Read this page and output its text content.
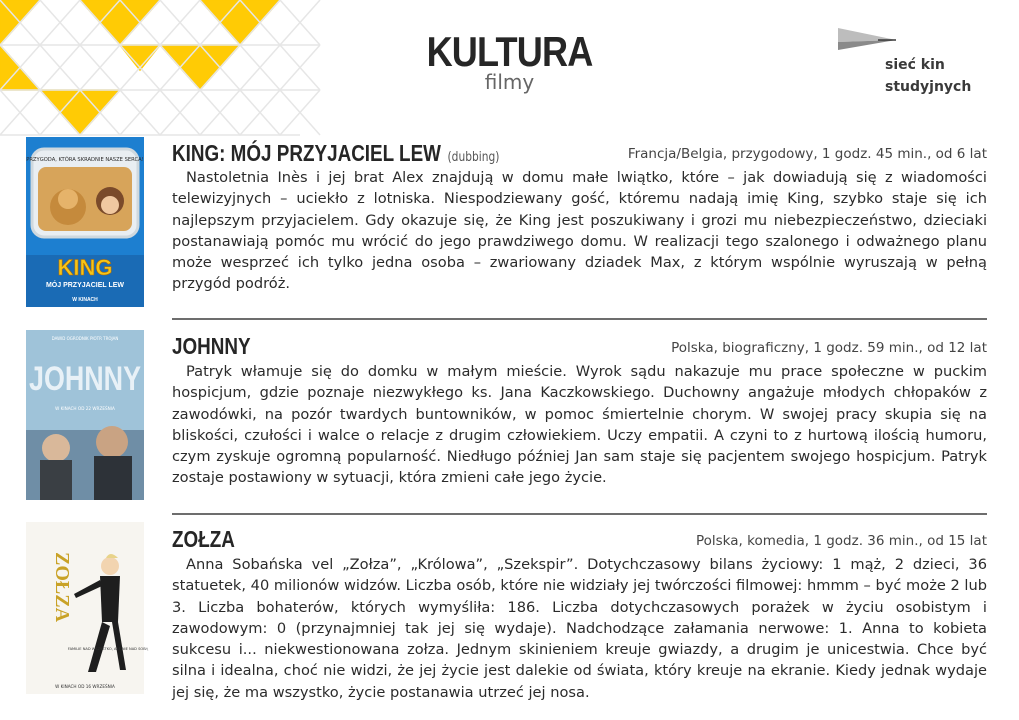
KULTURA
filmy
sieć kin
studyjnych
PRZYGODA, KTÓRA SKRADNIE NASZE SERCA!
KING
MÓJ PRZYJACIEL LEW
W KINACH
KING: MÓJ PRZYJACIEL LEW (dubbing)	Francja/Belgia, przygodowy, 1 godz. 45 min., od 6 lat

Nastoletnia Inès i jej brat Alex znajdują w domu małe lwiątko, które – jak dowiadują się z wiadomości telewizyjnych – uciekło z lotniska. Niespodziewany gość, któremu nadają imię King, szybko staje się ich najlepszym przyjacielem. Gdy okazuje się, że King jest poszukiwany i grozi mu niebezpieczeństwo, dzieciaki postanawiają pomóc mu wrócić do jego prawdziwego domu. W realizacji tego szalonego i odważnego planu może wesprzeć ich tylko jedna osoba – zwariowany dziadek Max, z którym wspólnie wyruszają w pełną przygód podróż.

DAWID OGRODNIK PIOTR TROJAN
JOHNNY
W KINACH OD 22 WRZEŚNIA
JOHNNY	Polska, biograficzny, 1 godz. 59 min., od 12 lat

Patryk włamuje się do domku w małym mieście. Wyrok sądu nakazuje mu prace społeczne w puckim hospicjum, gdzie poznaje niezwykłego ks. Jana Kaczkowskiego. Duchowny angażuje młodych chłopaków z zawodówki, na pozór twardych buntowników, w pomoc śmiertelnie chorym. W swojej pracy skupia się na bliskości, czułości i walce o relacje z drugim człowiekiem. Uczy empatii. A czyni to z hurtową ilością humoru, czym zyskuje ogromną popularność. Niedługo później Jan sam staje się pacjentem swojego hospicjum. Patryk zostaje postawiony w sytuacji, która zmieni całe jego życie.

ZOŁZA
FAMILIE NAD WSZYSTKO, ALE NIE NAD SOBĄ
W KINACH OD 16 WRZEŚNIA
ZOŁZA	Polska, komedia, 1 godz. 36 min., od 15 lat

Anna Sobańska vel „Zołza”, „Królowa”, „Szekspir”. Dotychczasowy bilans życiowy: 1 mąż, 2 dzieci, 36 statuetek, 40 milionów widzów. Liczba osób, które nie widziały jej twórczości filmowej: hmmm – być może 2 lub 3. Liczba bohaterów, których wymyśliła: 186. Liczba dotychczasowych porażek w życiu osobistym i zawodowym: 0 (przynajmniej tak jej się wydaje). Nadchodzące załamania nerwowe: 1. Anna to kobieta sukcesu i... niekwestionowana zołza. Jednym skinieniem kreuje gwiazdy, a drugim je unicestwia. Chce być silna i idealna, choć nie widzi, że jej życie jest dalekie od świata, który kreuje na ekranie. Kiedy jednak wydaje jej się, że ma wszystko, życie postanawia utrzeć jej nosa.
